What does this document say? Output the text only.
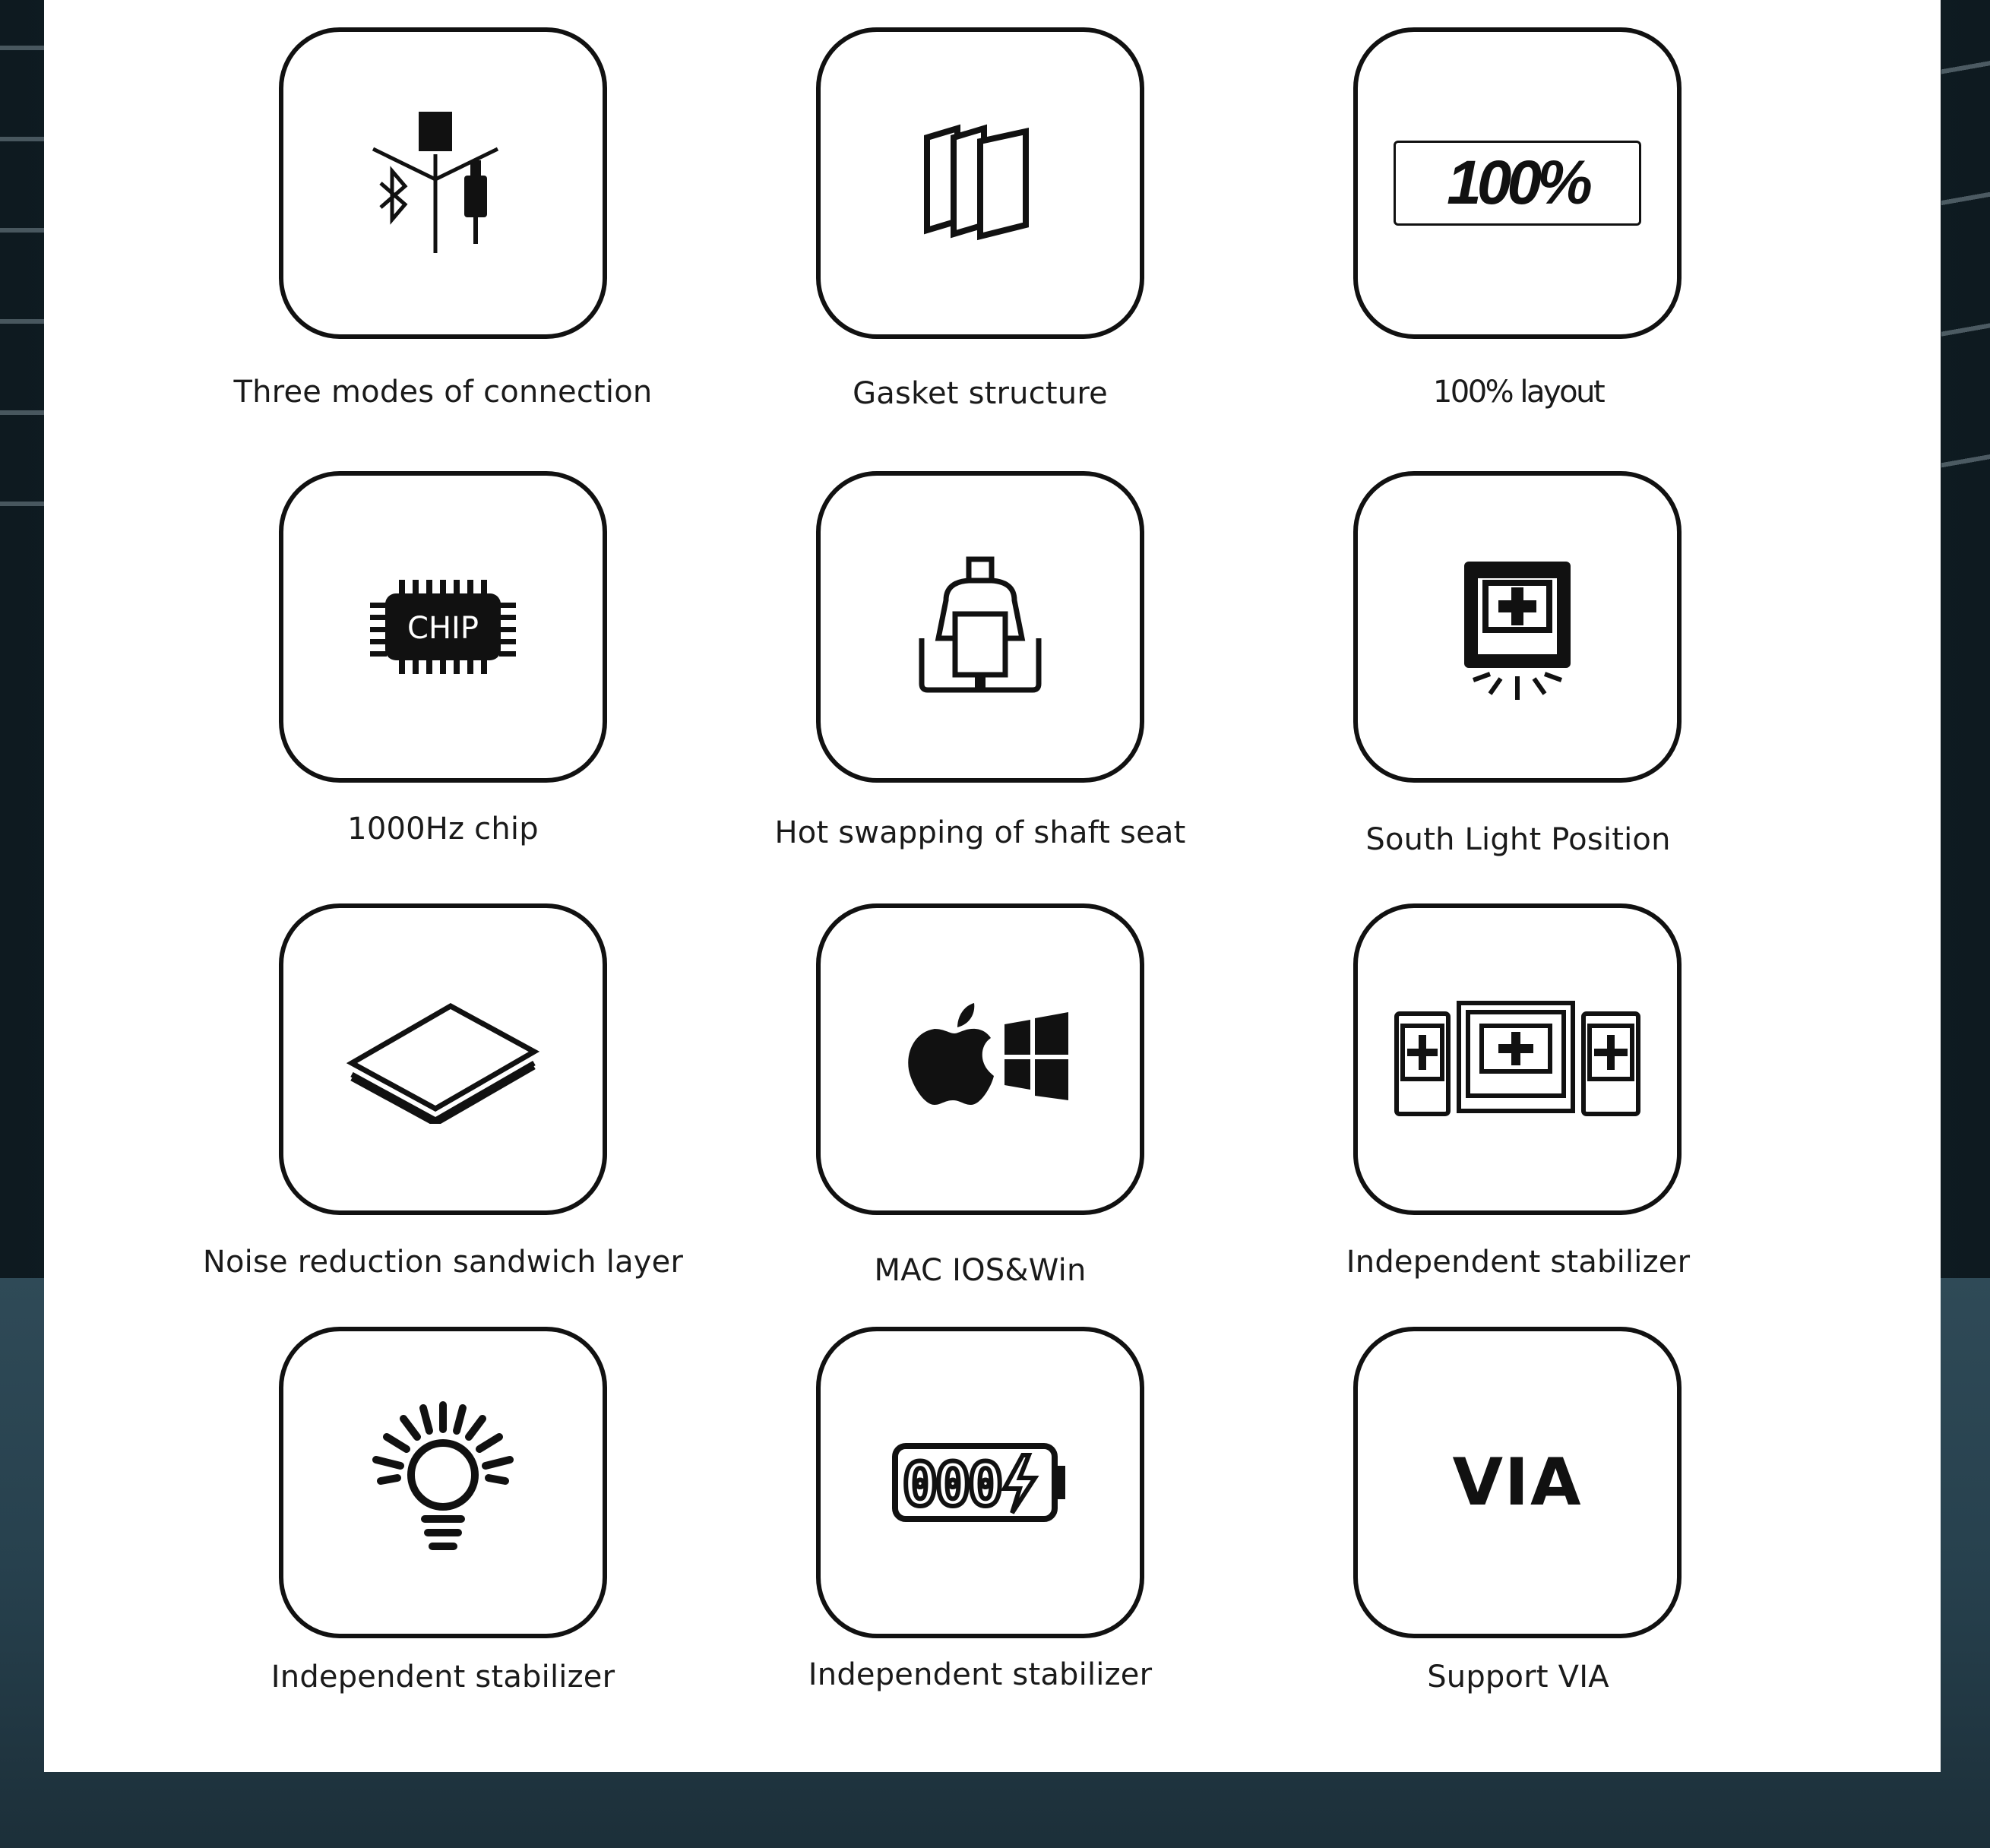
100%
Three modes of connection	Gasket structure	100% layout
CHIP
1000Hz chip	Hot swapping of shaft seat	South Light Position
Noise reduction sandwich layer	MAC IOS&Win	Independent stabilizer
000	VIA
Independent stabilizer	Independent stabilizer	Support VIA
